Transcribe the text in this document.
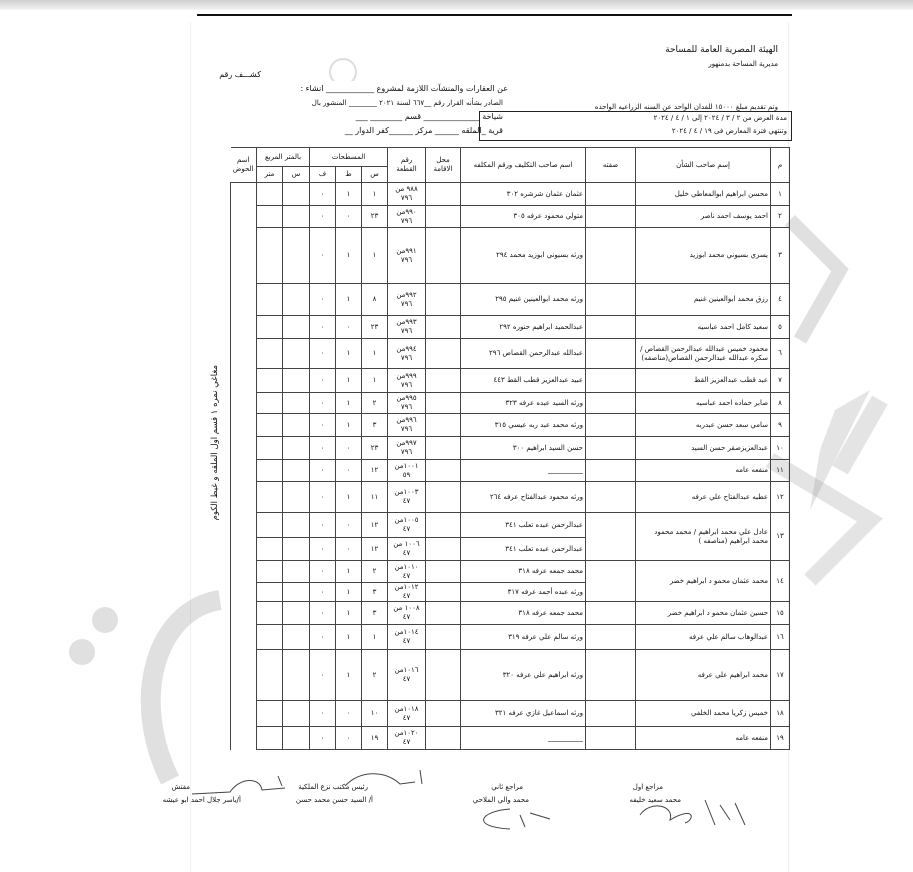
الهيئة المصرية العامة للمساحة
مديرية المساحة بدمنهور
وتم تقديم مبلغ ١٥٠٠٠ للفدان الواحد عن السنه الزراعيه الواحده
مدة العرض من ٢ / ٣ / ٢٠٢٤ إلى ١ / ٤ / ٢٠٢٤
وتنتهي فترة المعارض فى ١٩ / ٤ / ٢٠٢٤
كشـــف رقم
عن العقارات والمنشآت اللازمة لمشروع ____________ انشاء :
الصادر بشأنه القرار رقم __٦٦٧ لسنة ٢٠٢١ ________ المنشور بال
شياخة ______________ قسم ________ ___
قرية _الملقه ______ مركز ______كفر الدوار __
م	إسم صاحب الشأن	صفته	اسم صاحب التكليف ورقم المكلفه	محل الاقامة	رقم القطعة	المسطحات			بالمتر المربع		اسم الحوض
						س	ط	ف	س	متر	
١	محسن ابراهيم ابوالمعاطي خليل		عثمان عثمان شرشره ٣٠٢		٩٨٨ من ٧٩٦	١	١	٠			
٢	احمد يوسف احمد ناصر		متولي محمود عرفه ٣٠٥		٩٩٠من ٧٩٦	٢٣	٠	٠			
٣	يسري بسيوني محمد ابوزيد		ورثه بسيوني ابوزيد محمد ٢٩٤		٩٩١من ٧٩٦	١	١	٠			
٤	رزق محمد ابوالعينين غنيم		ورثه محمد ابوالعينين غنيم ٢٩٥		٩٩٢من ٧٩٦	٨	١	٠			
٥	سعيد كامل احمد عباسيه		عبدالحميد ابراهيم حنوره ٢٩٢		٩٩٣من ٧٩٦	٢٣	٠	٠			
٦	محمود خميس عبدالله عبدالرحمن القصاص /سكره عبدالله عبدالرحمن القصاص(مناصفه)		عبدالله عبدالرحمن القصاص ٢٩٦		٩٩٤من ٧٩٦	١	١	٠			
٧	عبد قطب عبدالعزيز القط		عبيد عبدالعزيز قطب القط ٤٤٣		٩٩٩من ٧٩٦	١	١	٠			
٨	صابر حماده احمد عباسيه		ورثه السيد عبده عرفه ٣٢٣		٩٩٥من ٧٩٦	٢	١	٠			
٩	سامي سعد حسن عبدربه		ورثه محمد عبد ربه عيسي ٣١٥		٩٩٦من ٧٩٦	٣	١	٠			
١٠	عبدالعزيزصقر حسن السيد		حسن السيد ابراهيم ٣٠٠		٩٩٧من ٧٩٦	٢٣	٠	٠			
١١	منفعه عامه		__________		١٠٠١من ٥٩	١٢	٠	٠			
١٢	عطيه عبدالفتاح علي عرفه		ورثه محمود عبدالفتاح عرفه ٢٦٤		١٠٠٣من ٤٧	١١	١	٠			
١٣	عادل علي محمد ابراهيم / محمد محمود محمد ابراهيم (مناصفه )		عبدالرحمن عبده تعلب ٣٤١		١٠٠٥من ٤٧	١٢	٠	٠			
			عبدالرحمن عبده تعلب ٣٤١		١٠٠٦ من ٤٧	١٢	٠	٠			
١٤	محمد عثمان محمو د ابراهيم خضر		محمد جمعه عرفه ٣١٨		١٠١٠من ٤٧	٢	١	٠			
			ورثه عبده أحمد عرفه ٣١٧		١٠١٢من ٤٧	٣	١	٠			
١٥	حسين عثمان محمو د ابراهيم خضر		محمد جمعه عرفه ٣١٨		١٠٠٨ من ٤٧	٣	١	٠			
١٦	عبدالوهاب سالم علي عرفه		ورثه سالم علي عرفه ٣١٩		١٠١٤من ٤٧	١	١	٠			
١٧	محمد ابراهيم علي عرفه		ورثه ابراهيم علي عرفه ٣٢٠		١٠١٦من ٤٧	٢	١	٠			
١٨	خميس زكريا محمد الخلفي		ورثه اسماعيل غازي عرفه ٣٢١		١٠١٨من ٤٧	١٠	٠	٠			
١٩	منفعه عامه		__________		١٠٢٠من ٤٧	١٩	٠	٠			
مغاغي نمره ١ قسم اول الملقه و غيط الكوم
مراجع اول
محمد سعيد خليفه
مراجع ثاني
محمد والي الملاحي
رئيس مكتب نزع الملكية
أ/ السيد حسن محمد حسن
مفتش
أ/ياسر جلال احمد ابو عيشه
